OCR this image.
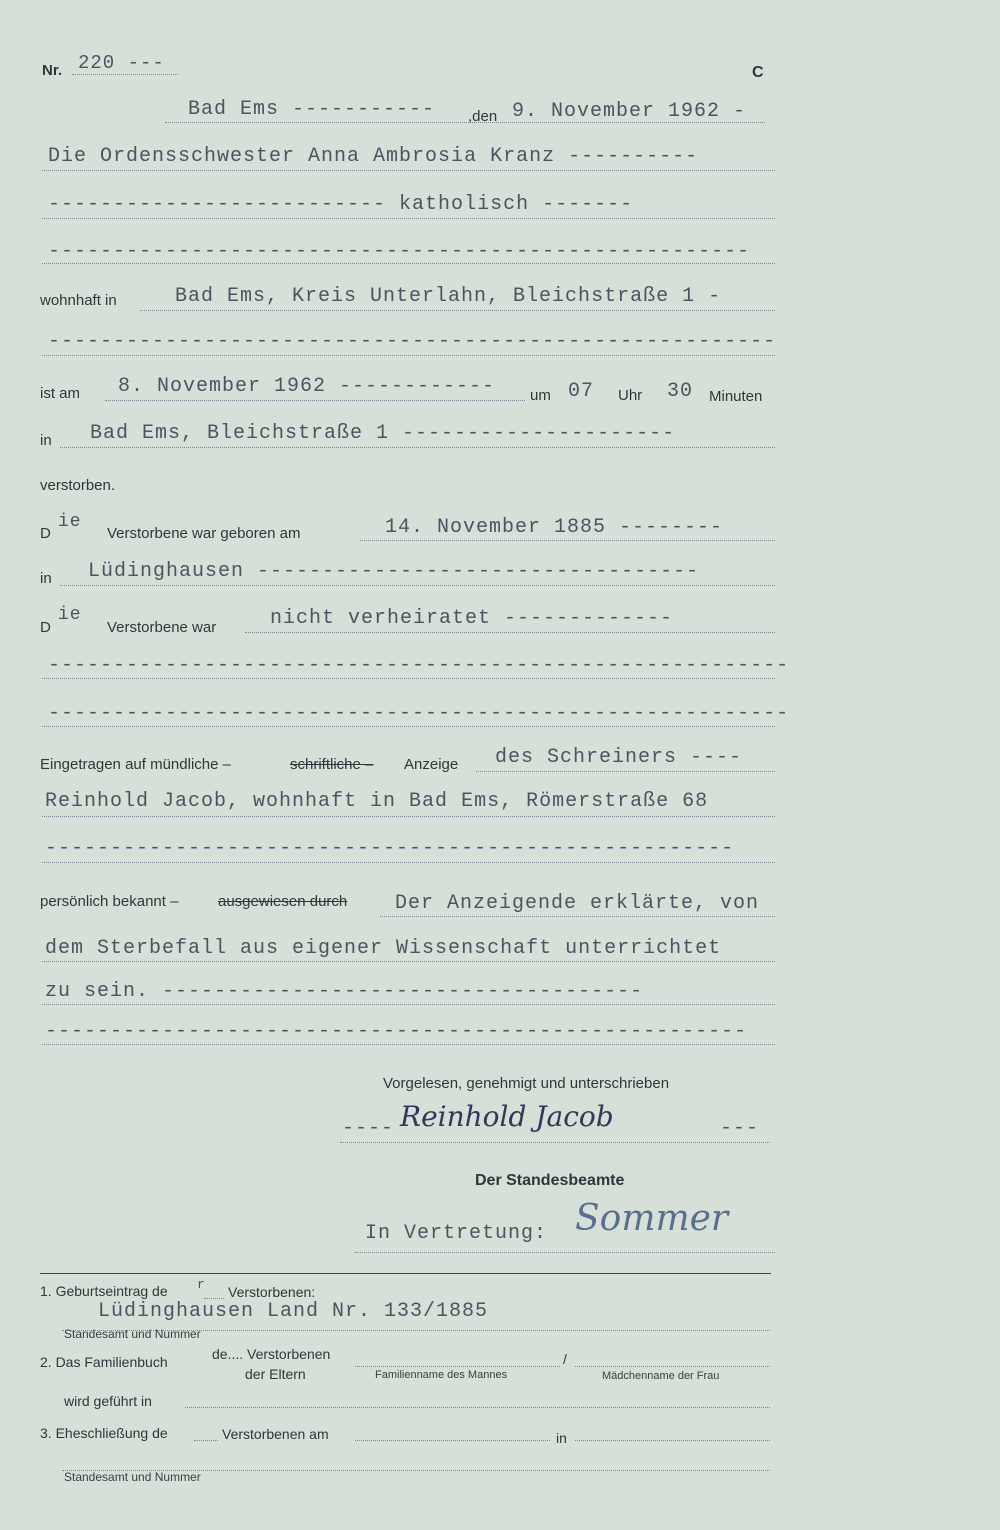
Nr. 220 ---	C
Bad Ems ----------- ,den 9. November 1962 -
Die Ordensschwester Anna Ambrosia Kranz ----------
-------------------------- katholisch -------
------------------------------------------------------
wohnhaft in	Bad Ems, Kreis Unterlahn, Bleichstraße 1 -
--------------------------------------------------------
ist am 8. November 1962 ------------ um 07 Uhr 30 Minuten
in Bad Ems, Bleichstraße 1 ---------------------
verstorben.
D
ie
Verstorbene war geboren am	14. November 1885 --------
in Lüdinghausen ----------------------------------
D
ie
Verstorbene war	nicht verheiratet -------------
---------------------------------------------------------
---------------------------------------------------------
Eingetragen auf mündliche –	schriftliche – Anzeige des Schreiners ----
Reinhold Jacob, wohnhaft in Bad Ems, Römerstraße 68
-----------------------------------------------------
persönlich bekannt –	ausgewiesen durch Der Anzeigende erklärte, von
dem Sterbefall aus eigener Wissenschaft unterrichtet
zu sein. -------------------------------------
------------------------------------------------------
Vorgelesen, genehmigt und unterschrieben
---- Reinhold Jacob	---
Der Standesbeamte
In Vertretung: Sommer
1. Geburtseintrag de r Verstorbenen:
Lüdinghausen Land Nr. 133/1885
Standesamt und Nummer
2. Das Familienbuch	de.... Verstorbenen
der Eltern	Familienname des Mannes
/
Mädchenname der Frau
wird geführt in
3. Eheschließung de	Verstorbenen am	in
Standesamt und Nummer
